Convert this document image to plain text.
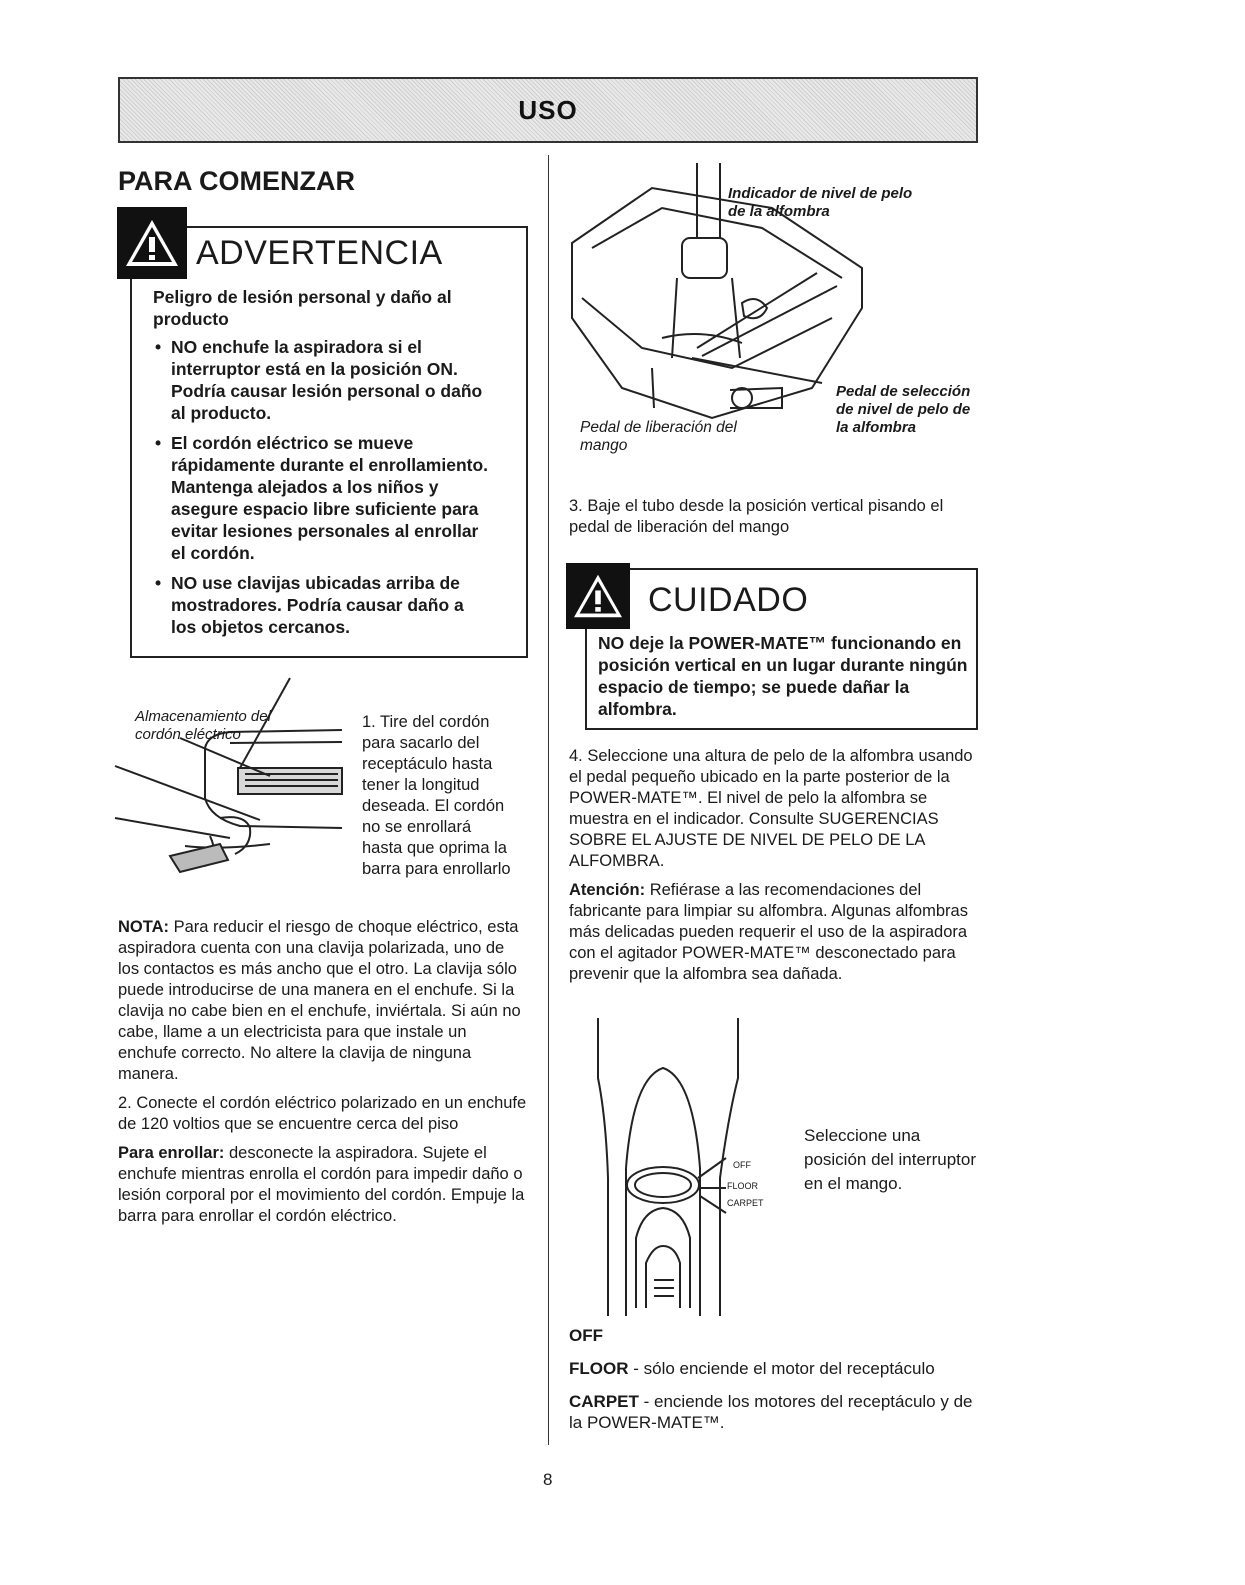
USO
PARA COMENZAR
ADVERTENCIA
Peligro de lesión personal y daño al producto
• NO enchufe la aspiradora si el interruptor está en la posición ON. Podría causar lesión personal o daño al producto.
• El cordón eléctrico se mueve rápidamente durante el enrollamiento. Mantenga alejados a los niños y asegure espacio libre suficiente para evitar lesiones personales al enrollar el cordón.
• NO use clavijas ubicadas arriba de mostradores. Podría causar daño a los objetos cercanos.
Almacenamiento del cordón eléctrico
1. Tire del cordón para sacarlo del receptáculo hasta tener la longitud deseada. El cordón no se enrollará hasta que oprima la barra para enrollarlo

NOTA: Para reducir el riesgo de choque eléctrico, esta aspiradora cuenta con una clavija polarizada, uno de los contactos es más ancho que el otro. La clavija sólo puede introducirse de una manera en el enchufe. Si la clavija no cabe bien en el enchufe, inviértala. Si aún no cabe, llame a un electricista para que instale un enchufe correcto. No altere la clavija de ninguna manera.

2. Conecte el cordón eléctrico polarizado en un enchufe de 120 voltios que se encuentre cerca del piso

Para enrollar: desconecte la aspiradora. Sujete el enchufe mientras enrolla el cordón para impedir daño o lesión corporal por el movimiento del cordón. Empuje la barra para enrollar el cordón eléctrico.

Indicador de nivel de pelo de la alfombra
Pedal de liberación del mango
Pedal de selección de nivel de pelo de la alfombra
3. Baje el tubo desde la posición vertical pisando el pedal de liberación del mango
CUIDADO
NO deje la POWER-MATE™ funcionando en posición vertical en un lugar durante ningún espacio de tiempo; se puede dañar la alfombra.

4. Seleccione una altura de pelo de la alfombra usando el pedal pequeño ubicado en la parte posterior de la POWER-MATE™. El nivel de pelo la alfombra se muestra en el indicador. Consulte SUGERENCIAS SOBRE EL AJUSTE DE NIVEL DE PELO DE LA ALFOMBRA.

Atención: Refiérase a las recomendaciones del fabricante para limpiar su alfombra. Algunas alfombras más delicadas pueden requerir el uso de la aspiradora con el agitador POWER-MATE™ desconectado para prevenir que la alfombra sea dañada.

OFF
FLOOR
CARPET
Seleccione una posición del interruptor en el mango.

OFF

FLOOR - sólo enciende el motor del receptáculo

CARPET - enciende los motores del receptáculo y de la POWER-MATE™.

8
